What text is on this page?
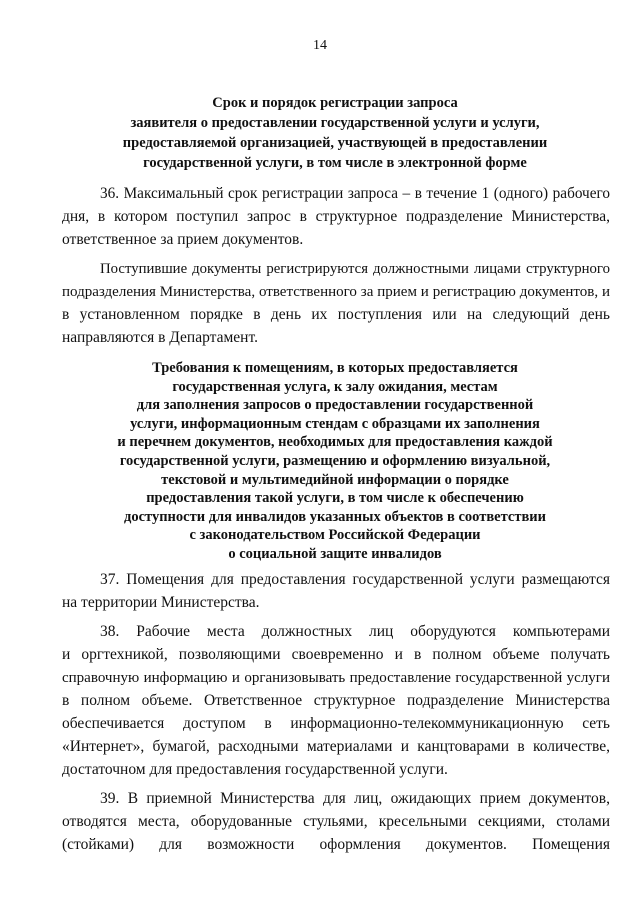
14
Срок и порядок регистрации запроса
заявителя о предоставлении государственной услуги и услуги,
предоставляемой организацией, участвующей в предоставлении
государственной услуги, в том числе в электронной форме
36. Максимальный срок регистрации запроса – в течение 1 (одного) рабочего
дня, в котором поступил запрос в структурное подразделение Министерства,
ответственное за прием документов.
Поступившие документы регистрируются должностными лицами структурного
подразделения Министерства, ответственного за прием и регистрацию документов, и
в установленном порядке в день их поступления или на следующий день
направляются в Департамент.
Требования к помещениям, в которых предоставляется
государственная услуга, к залу ожидания, местам
для заполнения запросов о предоставлении государственной
услуги, информационным стендам с образцами их заполнения
и перечнем документов, необходимых для предоставления каждой
государственной услуги, размещению и оформлению визуальной,
текстовой и мультимедийной информации о порядке
предоставления такой услуги, в том числе к обеспечению
доступности для инвалидов указанных объектов в соответствии
с законодательством Российской Федерации
о социальной защите инвалидов
37. Помещения для предоставления государственной услуги размещаются
на территории Министерства.
38. Рабочие места должностных лиц оборудуются компьютерами
и оргтехникой, позволяющими своевременно и в полном объеме получать
справочную информацию и организовывать предоставление государственной услуги
в полном объеме. Ответственное структурное подразделение Министерства
обеспечивается доступом в информационно-телекоммуникационную сеть
«Интернет», бумагой, расходными материалами и канцтоварами в количестве,
достаточном для предоставления государственной услуги.
39. В приемной Министерства для лиц, ожидающих прием документов,
отводятся места, оборудованные стульями, кресельными секциями, столами
(стойками) для возможности оформления документов. Помещения
